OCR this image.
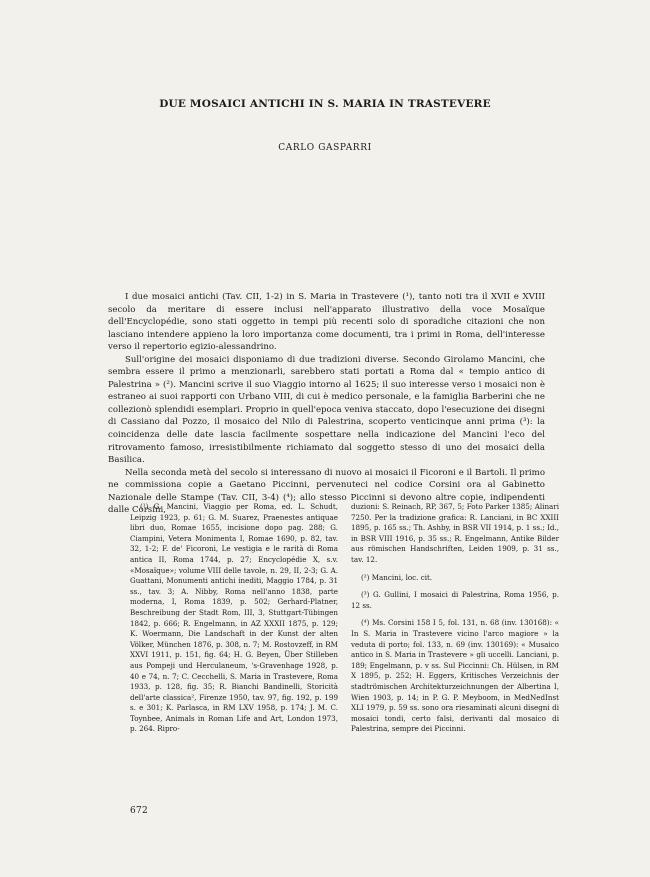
DUE MOSAICI ANTICHI IN S. MARIA IN TRASTEVERE
CARLO GASPARRI

I due mosaici antichi (Tav. CII, 1-2) in S. Maria in Trastevere (¹), tanto noti tra il XVII e XVIII secolo da meritare di essere inclusi nell'apparato illustrativo della voce Mosaïque dell'Encyclopédie, sono stati oggetto in tempi più recenti solo di sporadiche citazioni che non lasciano intendere appieno la loro importanza come documenti, tra i primi in Roma, dell'interesse verso il repertorio egizio-alessandrino.

Sull'origine dei mosaici disponiamo di due tradizioni diverse. Secondo Girolamo Mancini, che sembra essere il primo a menzionarli, sarebbero stati portati a Roma dal « tempio antico di Palestrina » (²). Mancini scrive il suo Viaggio intorno al 1625; il suo interesse verso i mosaici non è estraneo ai suoi rapporti con Urbano VIII, di cui è medico personale, e la famiglia Barberini che ne collezionò splendidi esemplari. Proprio in quell'epoca veniva staccato, dopo l'esecuzione dei disegni di Cassiano dal Pozzo, il mosaico del Nilo di Palestrina, scoperto venticinque anni prima (³): la coincidenza delle date lascia facilmente sospettare nella indicazione del Mancini l'eco del ritrovamento famoso, irresistibilmente richiamato dal soggetto stesso di uno dei mosaici della Basilica.

Nella seconda metà del secolo si interessano di nuovo ai mosaici il Ficoroni e il Bartoli. Il primo ne commissiona copie a Gaetano Piccinni, pervenuteci nel codice Corsini ora al Gabinetto Nazionale delle Stampe (Tav. CII, 3-4) (⁴); allo stesso Piccinni si devono altre copie, indipendenti dalle Corsini,

(¹) G. Mancini, Viaggio per Roma, ed. L. Schudt, Leipzig 1923, p. 61; G. M. Suarez, Praenestes antiquae libri duo, Romae 1655, incisione dopo pag. 288; G. Ciampini, Vetera Monimenta I, Romae 1690, p. 82, tav. 32, 1-2; F. de' Ficoroni, Le vestigia e le rarità di Roma antica II, Roma 1744, p. 27; Encyclopédie X, s.v. «Mosaïque»; volume VIII delle tavole, n. 29, II, 2-3; G. A. Guattani, Monumenti antichi inediti, Maggio 1784, p. 31 ss., tav. 3; A. Nibby, Roma nell'anno 1838, parte moderna, I, Roma 1839, p. 502; Gerhard-Platner, Beschreibung der Stadt Rom, III, 3, Stuttgart-Tübingen 1842, p. 666; R. Engelmann, in AZ XXXII 1875, p. 129; K. Woermann, Die Landschaft in der Kunst der alten Völker, München 1876, p. 308, n. 7; M. Rostovzeff, in RM XXVI 1911, p. 151, fig. 64; H. G. Beyen, Über Stilleben aus Pompeji und Herculaneum, 's-Gravenhage 1928, p. 40 e 74, n. 7; C. Cecchelli, S. Maria in Trastevere, Roma 1933, p. 128, fig. 35; R. Bianchi Bandinelli, Storicità dell'arte classica², Firenze 1950, tav. 97, fig. 192, p. 199 s. e 301; K. Parlasca, in RM LXV 1958, p. 174; J. M. C. Toynbee, Animals in Roman Life and Art, London 1973, p. 264. Ripro-

duzioni: S. Reinach, RP, 367, 5; Foto Parker 1385; Alinari 7250. Per la tradizione grafica: R. Lanciani, in BC XXIII 1895, p. 165 ss.; Th. Ashby, in BSR VII 1914, p. 1 ss.; Id., in BSR VIII 1916, p. 35 ss.; R. Engelmann, Antike Bilder aus römischen Handschriften, Leiden 1909, p. 31 ss., tav. 12.

(²) Mancini, loc. cit.

(³) G. Gullini, I mosaici di Palestrina, Roma 1956, p. 12 ss.

(⁴) Ms. Corsini 158 I 5, fol. 131, n. 68 (inv. 130168): « In S. Maria in Trastevere vicino l'arco magiore » la veduta di porto; fol. 133, n. 69 (inv. 130169): « Musaico antico in S. Maria in Trastevere » gli uccelli. Lanciani, p. 189; Engelmann, p. v ss. Sul Piccinni: Ch. Hülsen, in RM X 1895, p. 252; H. Eggers, Kritisches Verzeichnis der stadtrömischen Architekturzeichnungen der Albertina I, Wien 1903, p. 14; in P. G. P. Meyboom, in MedNedInst XLI 1979, p. 59 ss. sono ora riesaminati alcuni disegni di mosaici tondi, certo falsi, derivanti dal mosaico di Palestrina, sempre dei Piccinni.

672
